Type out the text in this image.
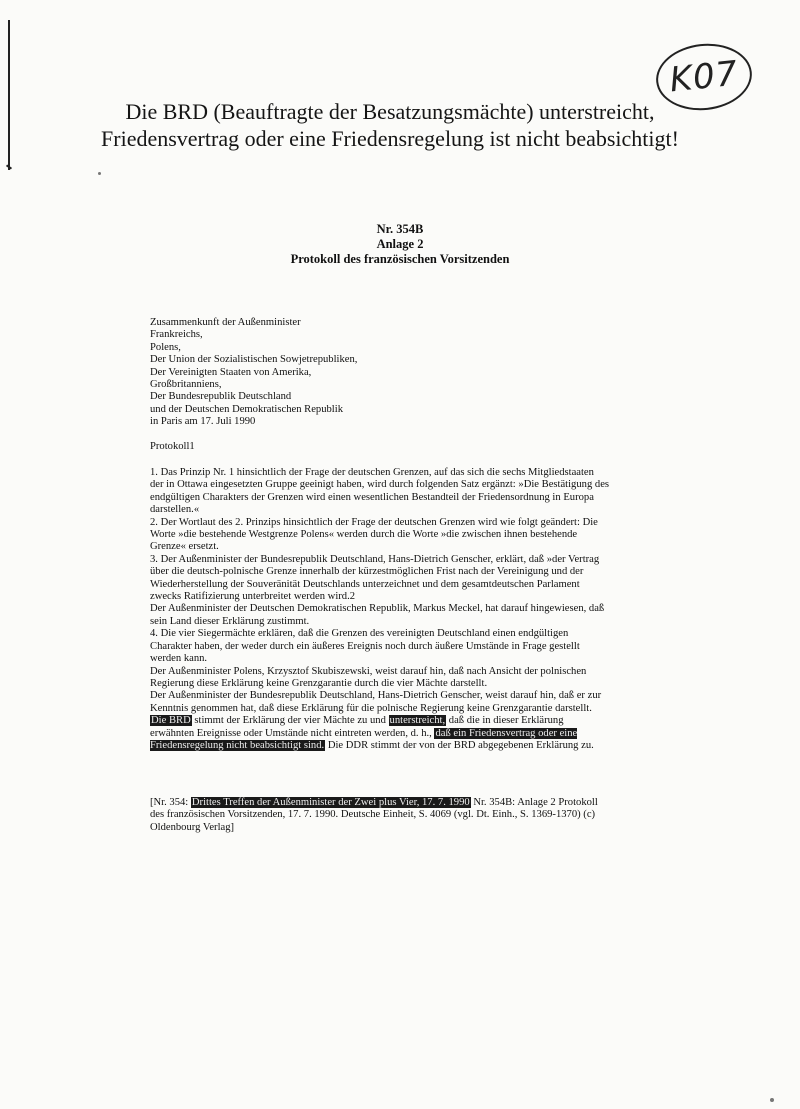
K07
Die BRD (Beauftragte der Besatzungsmächte) unterstreicht,
Friedensvertrag oder eine Friedensregelung ist nicht beabsichtigt!
Nr. 354B
Anlage 2
Protokoll des französischen Vorsitzenden
Zusammenkunft der Außenminister
Frankreichs,
Polens,
Der Union der Sozialistischen Sowjetrepubliken,
Der Vereinigten Staaten von Amerika,
Großbritanniens,
Der Bundesrepublik Deutschland
und der Deutschen Demokratischen Republik
in Paris am 17. Juli 1990
Protokoll1

1. Das Prinzip Nr. 1 hinsichtlich der Frage der deutschen Grenzen, auf das sich die sechs Mitgliedstaaten der in Ottawa eingesetzten Gruppe geeinigt haben, wird durch folgenden Satz ergänzt: »Die Bestätigung des endgültigen Charakters der Grenzen wird einen wesentlichen Bestandteil der Friedensordnung in Europa darstellen.«

2. Der Wortlaut des 2. Prinzips hinsichtlich der Frage der deutschen Grenzen wird wie folgt geändert: Die Worte »die bestehende Westgrenze Polens« werden durch die Worte »die zwischen ihnen bestehende Grenze« ersetzt.

3. Der Außenminister der Bundesrepublik Deutschland, Hans-Dietrich Genscher, erklärt, daß »der Vertrag über die deutsch-polnische Grenze innerhalb der kürzestmöglichen Frist nach der Vereinigung und der Wiederherstellung der Souveränität Deutschlands unterzeichnet und dem gesamtdeutschen Parlament zwecks Ratifizierung unterbreitet werden wird.2

Der Außenminister der Deutschen Demokratischen Republik, Markus Meckel, hat darauf hingewiesen, daß sein Land dieser Erklärung zustimmt.

4. Die vier Siegermächte erklären, daß die Grenzen des vereinigten Deutschland einen endgültigen Charakter haben, der weder durch ein äußeres Ereignis noch durch äußere Umstände in Frage gestellt werden kann.

Der Außenminister Polens, Krzysztof Skubiszewski, weist darauf hin, daß nach Ansicht der polnischen Regierung diese Erklärung keine Grenzgarantie durch die vier Mächte darstellt.

Der Außenminister der Bundesrepublik Deutschland, Hans-Dietrich Genscher, weist darauf hin, daß er zur Kenntnis genommen hat, daß diese Erklärung für die polnische Regierung keine Grenzgarantie darstellt. Die BRD stimmt der Erklärung der vier Mächte zu und unterstreicht, daß die in dieser Erklärung erwähnten Ereignisse oder Umstände nicht eintreten werden, d. h., daß ein Friedensvertrag oder eine Friedensregelung nicht beabsichtigt sind. Die DDR stimmt der von der BRD abgegebenen Erklärung zu.

[Nr. 354: Drittes Treffen der Außenminister der Zwei plus Vier, 17. 7. 1990 Nr. 354B: Anlage 2 Protokoll des französischen Vorsitzenden, 17. 7. 1990. Deutsche Einheit, S. 4069 (vgl. Dt. Einh., S. 1369-1370) (c) Oldenbourg Verlag]
